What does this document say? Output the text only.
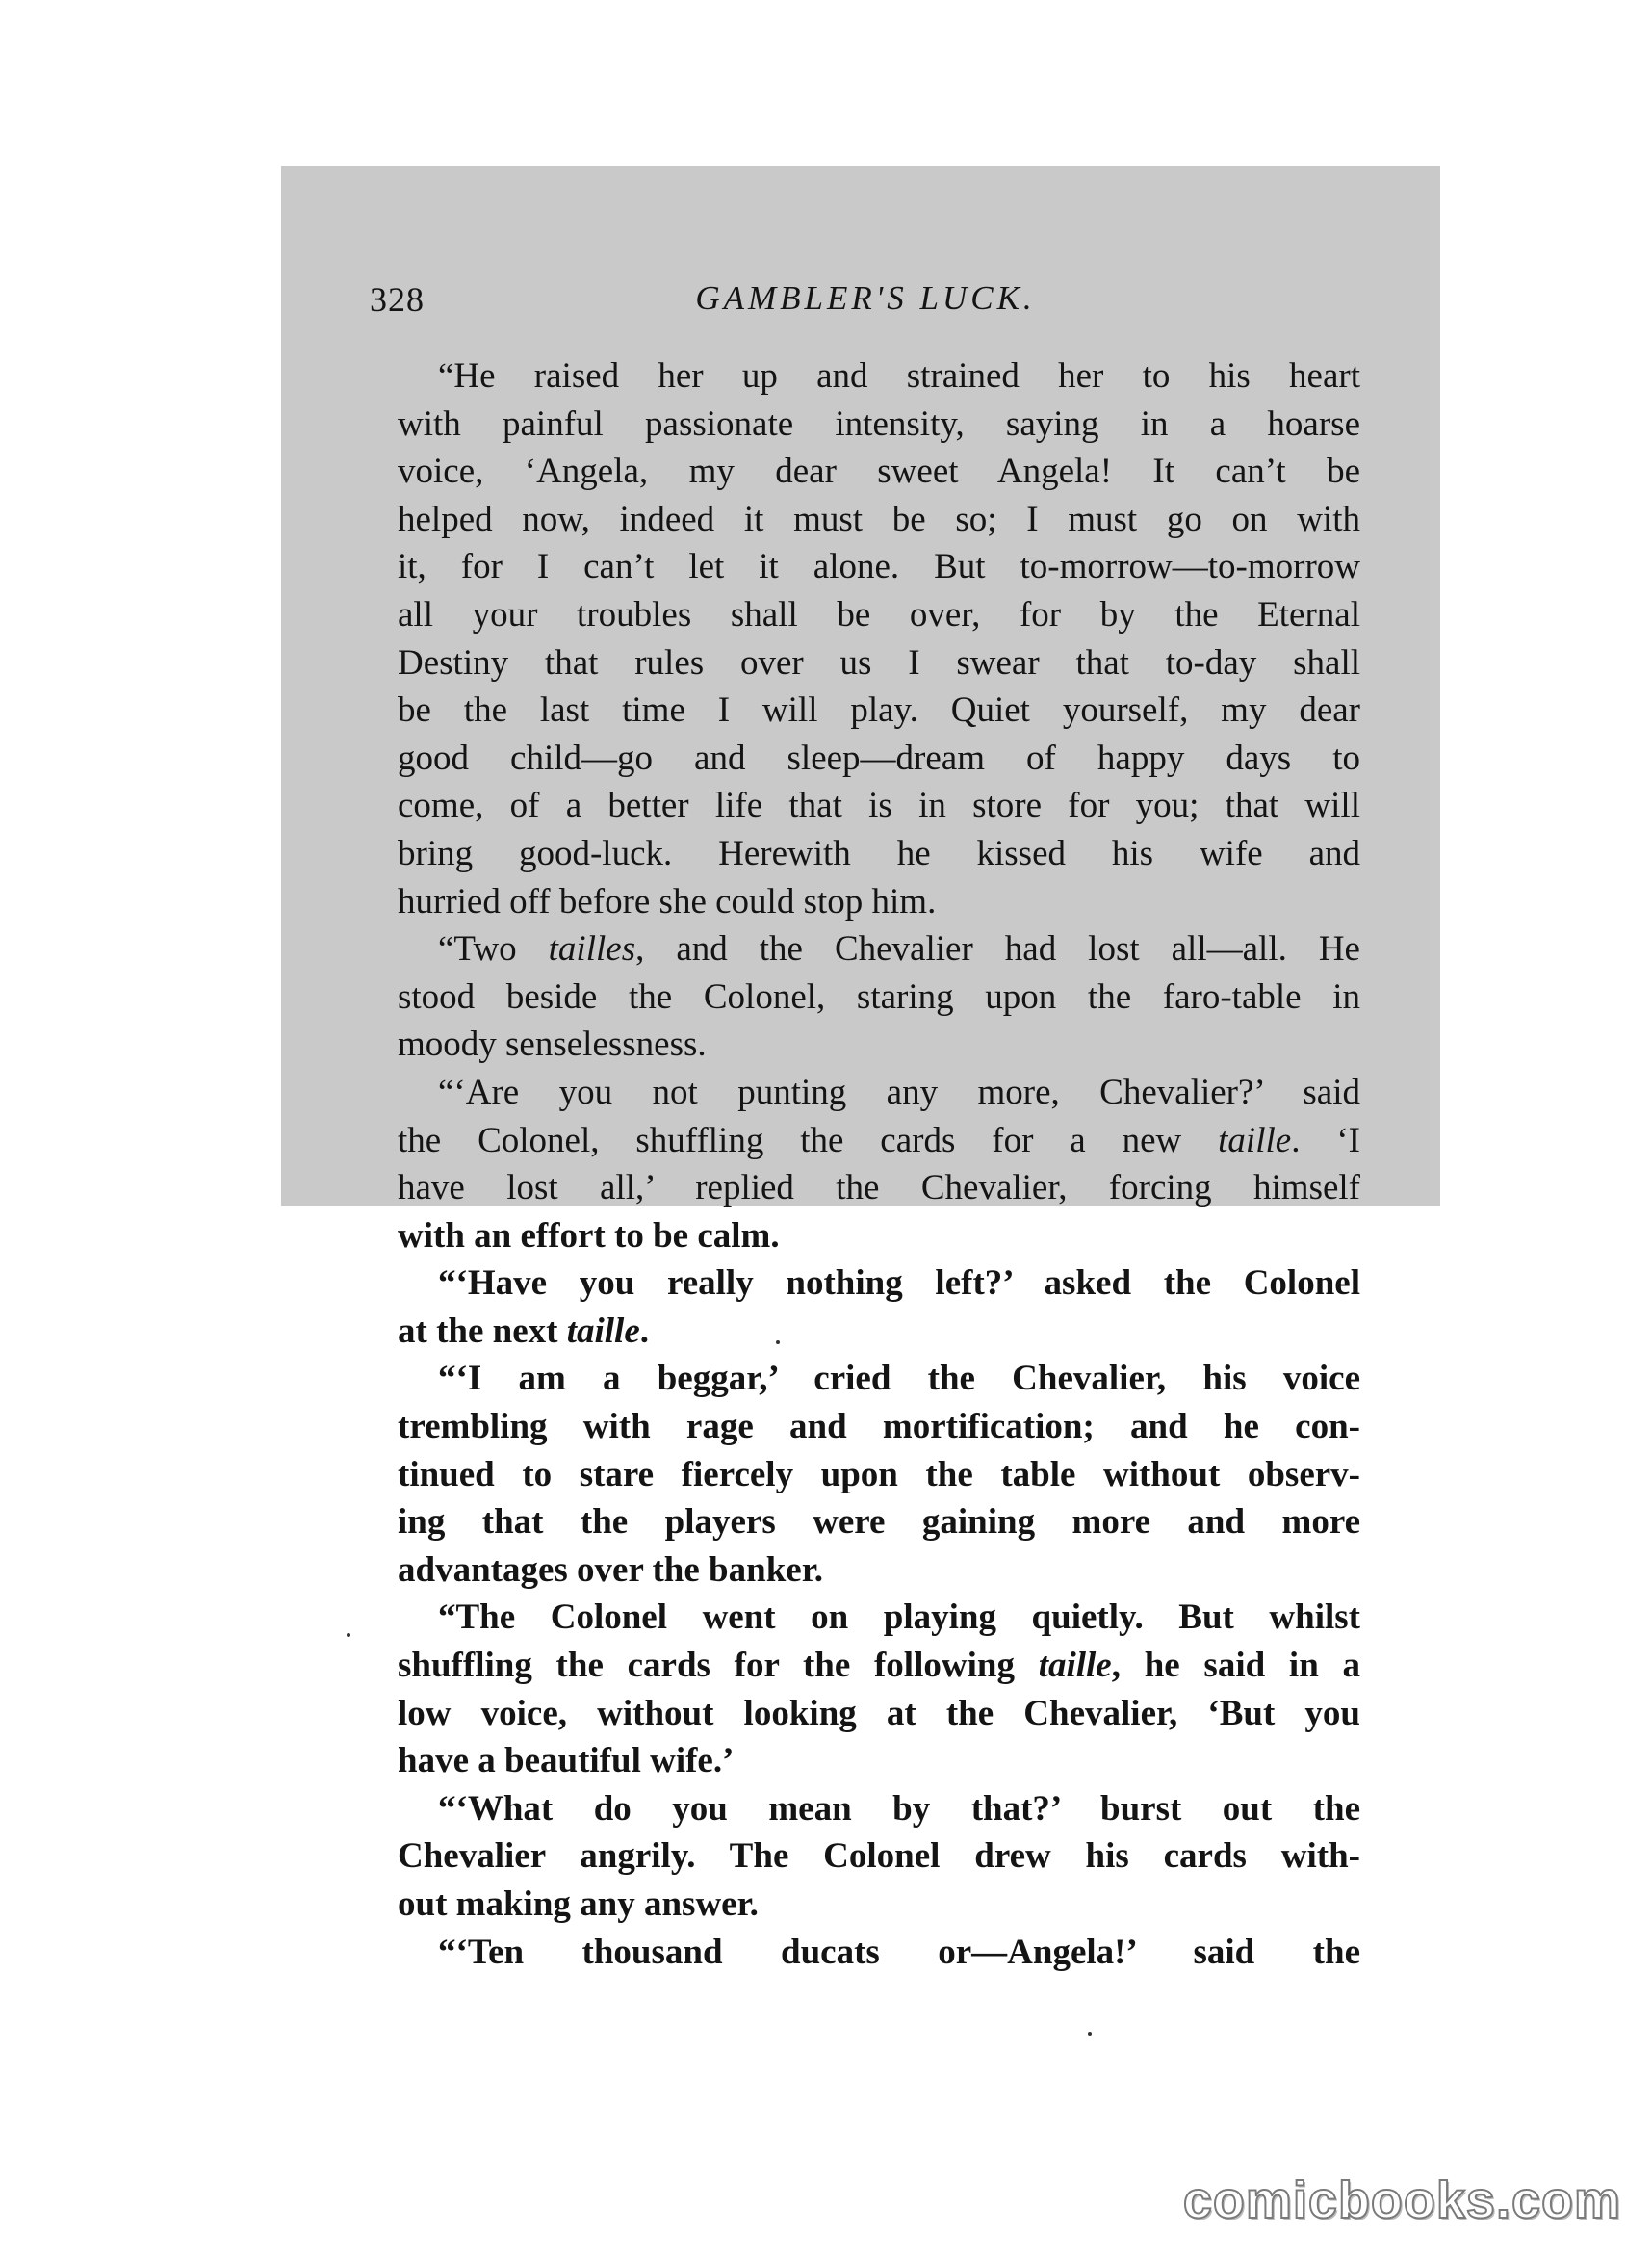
328	GAMBLER'S LUCK.
“He raised her up and strained her to his heart
with painful passionate intensity, saying in a hoarse
voice, ‘Angela, my dear sweet Angela! It can’t be
helped now, indeed it must be so; I must go on with
it, for I can’t let it alone. But to-morrow—to-morrow
all your troubles shall be over, for by the Eternal
Destiny that rules over us I swear that to-day shall
be the last time I will play. Quiet yourself, my dear
good child—go and sleep—dream of happy days to
come, of a better life that is in store for you; that will
bring good-luck. Herewith he kissed his wife and
hurried off before she could stop him.
“Two tailles, and the Chevalier had lost all—all. He
stood beside the Colonel, staring upon the faro-table in
moody senselessness.
“‘Are you not punting any more, Chevalier?’ said
the Colonel, shuffling the cards for a new taille. ‘I
have lost all,’ replied the Chevalier, forcing himself
with an effort to be calm.
“‘Have you really nothing left?’ asked the Colonel
at the next taille.
“‘I am a beggar,’ cried the Chevalier, his voice
trembling with rage and mortification; and he con-
tinued to stare fiercely upon the table without observ-
ing that the players were gaining more and more
advantages over the banker.
“The Colonel went on playing quietly. But whilst
shuffling the cards for the following taille, he said in a
low voice, without looking at the Chevalier, ‘But you
have a beautiful wife.’
“‘What do you mean by that?’ burst out the
Chevalier angrily. The Colonel drew his cards with-
out making any answer.
“‘Ten thousand ducats or—Angela!’ said the
comicbooks.com
